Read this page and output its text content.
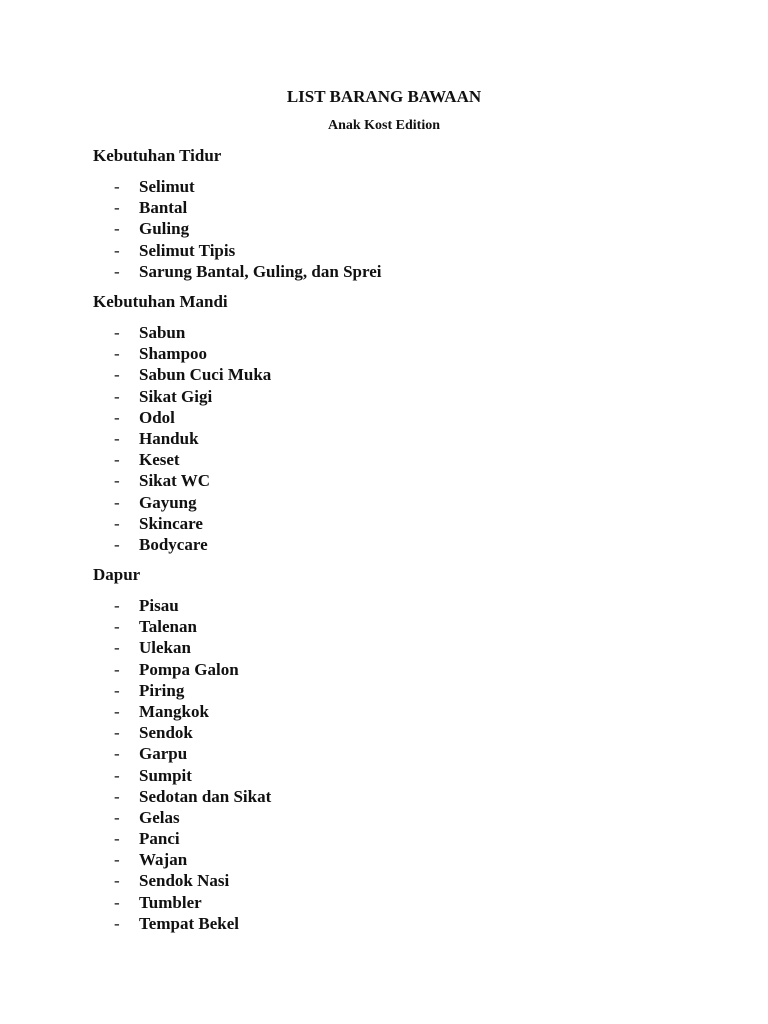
LIST BARANG BAWAAN
Anak Kost Edition
Kebutuhan Tidur
- Selimut
- Bantal
- Guling
- Selimut Tipis
- Sarung Bantal, Guling, dan Sprei
Kebutuhan Mandi
- Sabun
- Shampoo
- Sabun Cuci Muka
- Sikat Gigi
- Odol
- Handuk
- Keset
- Sikat WC
- Gayung
- Skincare
- Bodycare
Dapur
- Pisau
- Talenan
- Ulekan
- Pompa Galon
- Piring
- Mangkok
- Sendok
- Garpu
- Sumpit
- Sedotan dan Sikat
- Gelas
- Panci
- Wajan
- Sendok Nasi
- Tumbler
- Tempat Bekel
